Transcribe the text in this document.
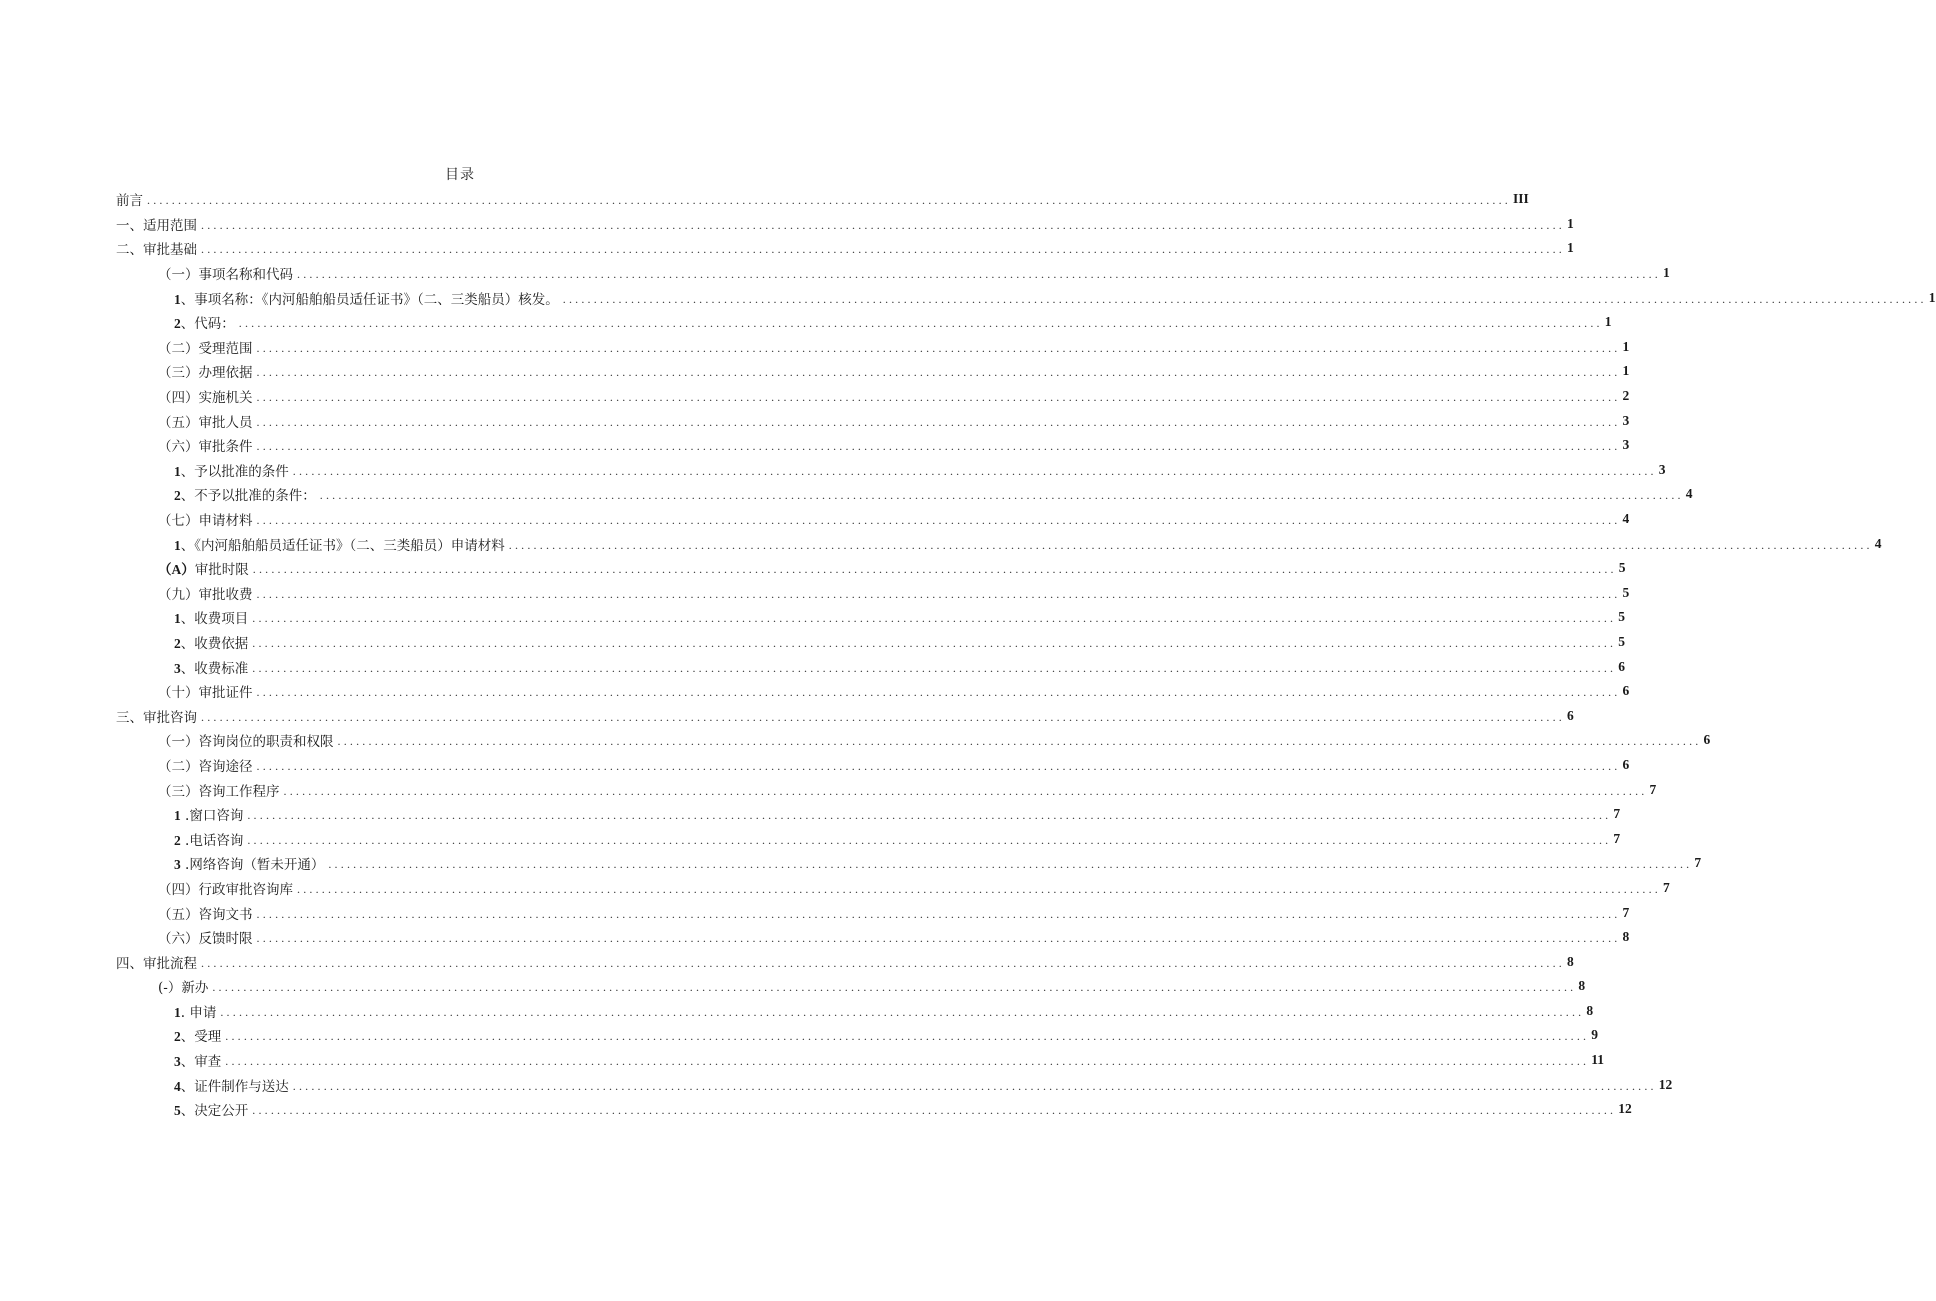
目录
前言 ............................................................................................................................................................................................................................ III
一、适用范围 ............................................................................................................................................................................................................................ 1
二、审批基础 ............................................................................................................................................................................................................................ 1
（一）事项名称和代码 ............................................................................................................................................................................................................................ 1
1、事项名称：《内河船舶船员适任证书》（二、三类船员）核发。 ............................................................................................................................................................................................................................ 1
2、代码： ............................................................................................................................................................................................................................ 1
（二）受理范围 ............................................................................................................................................................................................................................ 1
（三）办理依据 ............................................................................................................................................................................................................................ 1
（四）实施机关 ............................................................................................................................................................................................................................ 2
（五）审批人员 ............................................................................................................................................................................................................................ 3
（六）审批条件 ............................................................................................................................................................................................................................ 3
1、予以批准的条件 ............................................................................................................................................................................................................................ 3
2、不予以批准的条件： ............................................................................................................................................................................................................................ 4
（七）申请材料 ............................................................................................................................................................................................................................ 4
1、《内河船舶船员适任证书》（二、三类船员）申请材料 ............................................................................................................................................................................................................................ 4
（A）审批时限 ............................................................................................................................................................................................................................ 5
（九）审批收费 ............................................................................................................................................................................................................................ 5
1、收费项目 ............................................................................................................................................................................................................................ 5
2、收费依据 ............................................................................................................................................................................................................................ 5
3、收费标准 ............................................................................................................................................................................................................................ 6
（十）审批证件 ............................................................................................................................................................................................................................ 6
三、审批咨询 ............................................................................................................................................................................................................................ 6
（一）咨询岗位的职责和权限 ............................................................................................................................................................................................................................ 6
（二）咨询途径 ............................................................................................................................................................................................................................ 6
（三）咨询工作程序 ............................................................................................................................................................................................................................ 7
1 .窗口咨询 ............................................................................................................................................................................................................................ 7
2 .电话咨询 ............................................................................................................................................................................................................................ 7
3 .网络咨询（暂未开通） ............................................................................................................................................................................................................................ 7
（四）行政审批咨询库 ............................................................................................................................................................................................................................ 7
（五）咨询文书 ............................................................................................................................................................................................................................ 7
（六）反馈时限 ............................................................................................................................................................................................................................ 8
四、审批流程 ............................................................................................................................................................................................................................ 8
(-）新办 ............................................................................................................................................................................................................................ 8
1. 申请 ............................................................................................................................................................................................................................ 8
2、受理 ............................................................................................................................................................................................................................ 9
3、审查 ............................................................................................................................................................................................................................ 11
4、证件制作与送达 ............................................................................................................................................................................................................................ 12
5、决定公开 ............................................................................................................................................................................................................................ 12
